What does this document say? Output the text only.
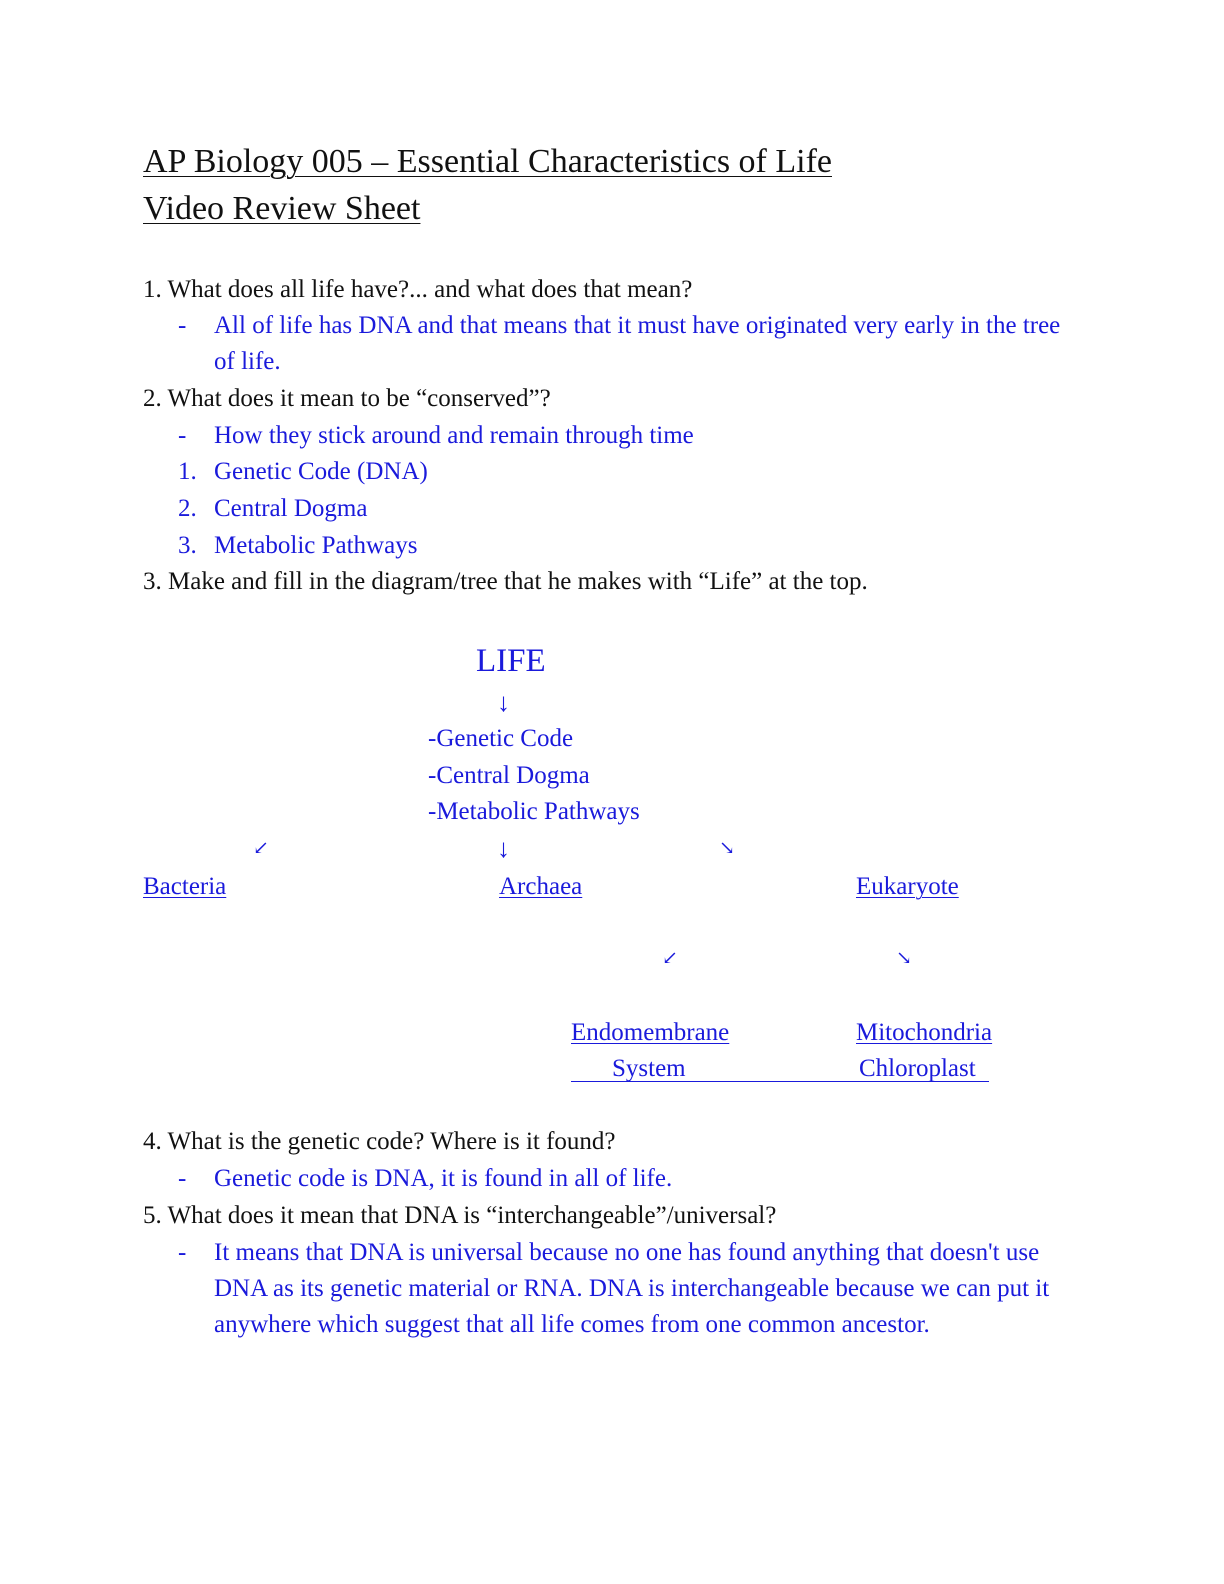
AP Biology 005 – Essential Characteristics of Life
Video Review Sheet
1. What does all life have?... and what does that mean?
- All of life has DNA and that means that it must have originated very early in the tree of life.
2. What does it mean to be “conserved”?
- How they stick around and remain through time
1. Genetic Code (DNA)
2. Central Dogma
3. Metabolic Pathways
3. Make and fill in the diagram/tree that he makes with “Life” at the top.
LIFE
↓
-Genetic Code
-Central Dogma
-Metabolic Pathways
↙	↓	↘
Bacteria	Archaea	Eukaryote
↙	↘
Endomembrane	Mitochondria
System	Chloroplast
4. What is the genetic code? Where is it found?
- Genetic code is DNA, it is found in all of life.
5. What does it mean that DNA is “interchangeable”/universal?
- It means that DNA is universal because no one has found anything that doesn't use DNA as its genetic material or RNA. DNA is interchangeable because we can put it anywhere which suggest that all life comes from one common ancestor.
